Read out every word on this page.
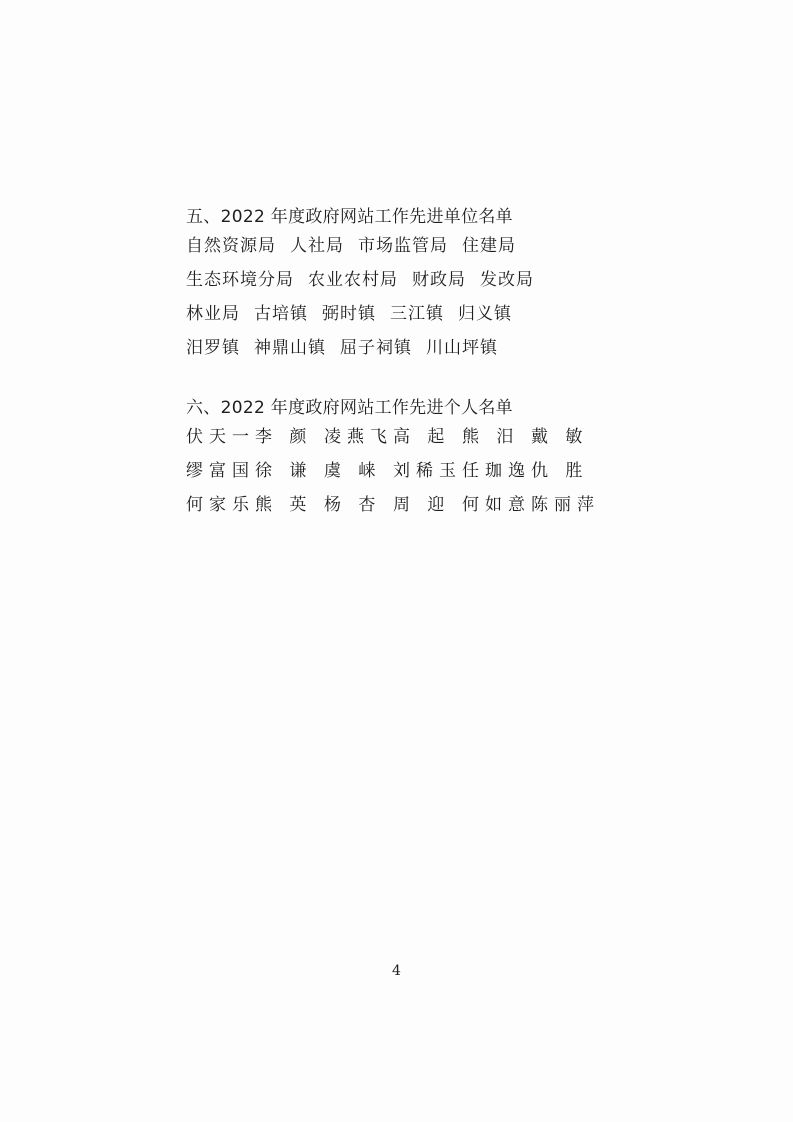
五、2022 年度政府网站工作先进单位名单
自然资源局 人社局 市场监管局 住建局
生态环境分局 农业农村局 财政局 发改局
林业局 古培镇 弼时镇 三江镇 归义镇
汨罗镇 神鼎山镇 屈子祠镇 川山坪镇
六、2022 年度政府网站工作先进个人名单
伏天一 李 颜 凌燕飞 高 起 熊 汨 戴 敏
缪富国 徐 谦 虞 崃 刘稀玉 任珈逸 仇 胜
何家乐 熊 英 杨 杏 周 迎 何如意 陈丽萍
4
